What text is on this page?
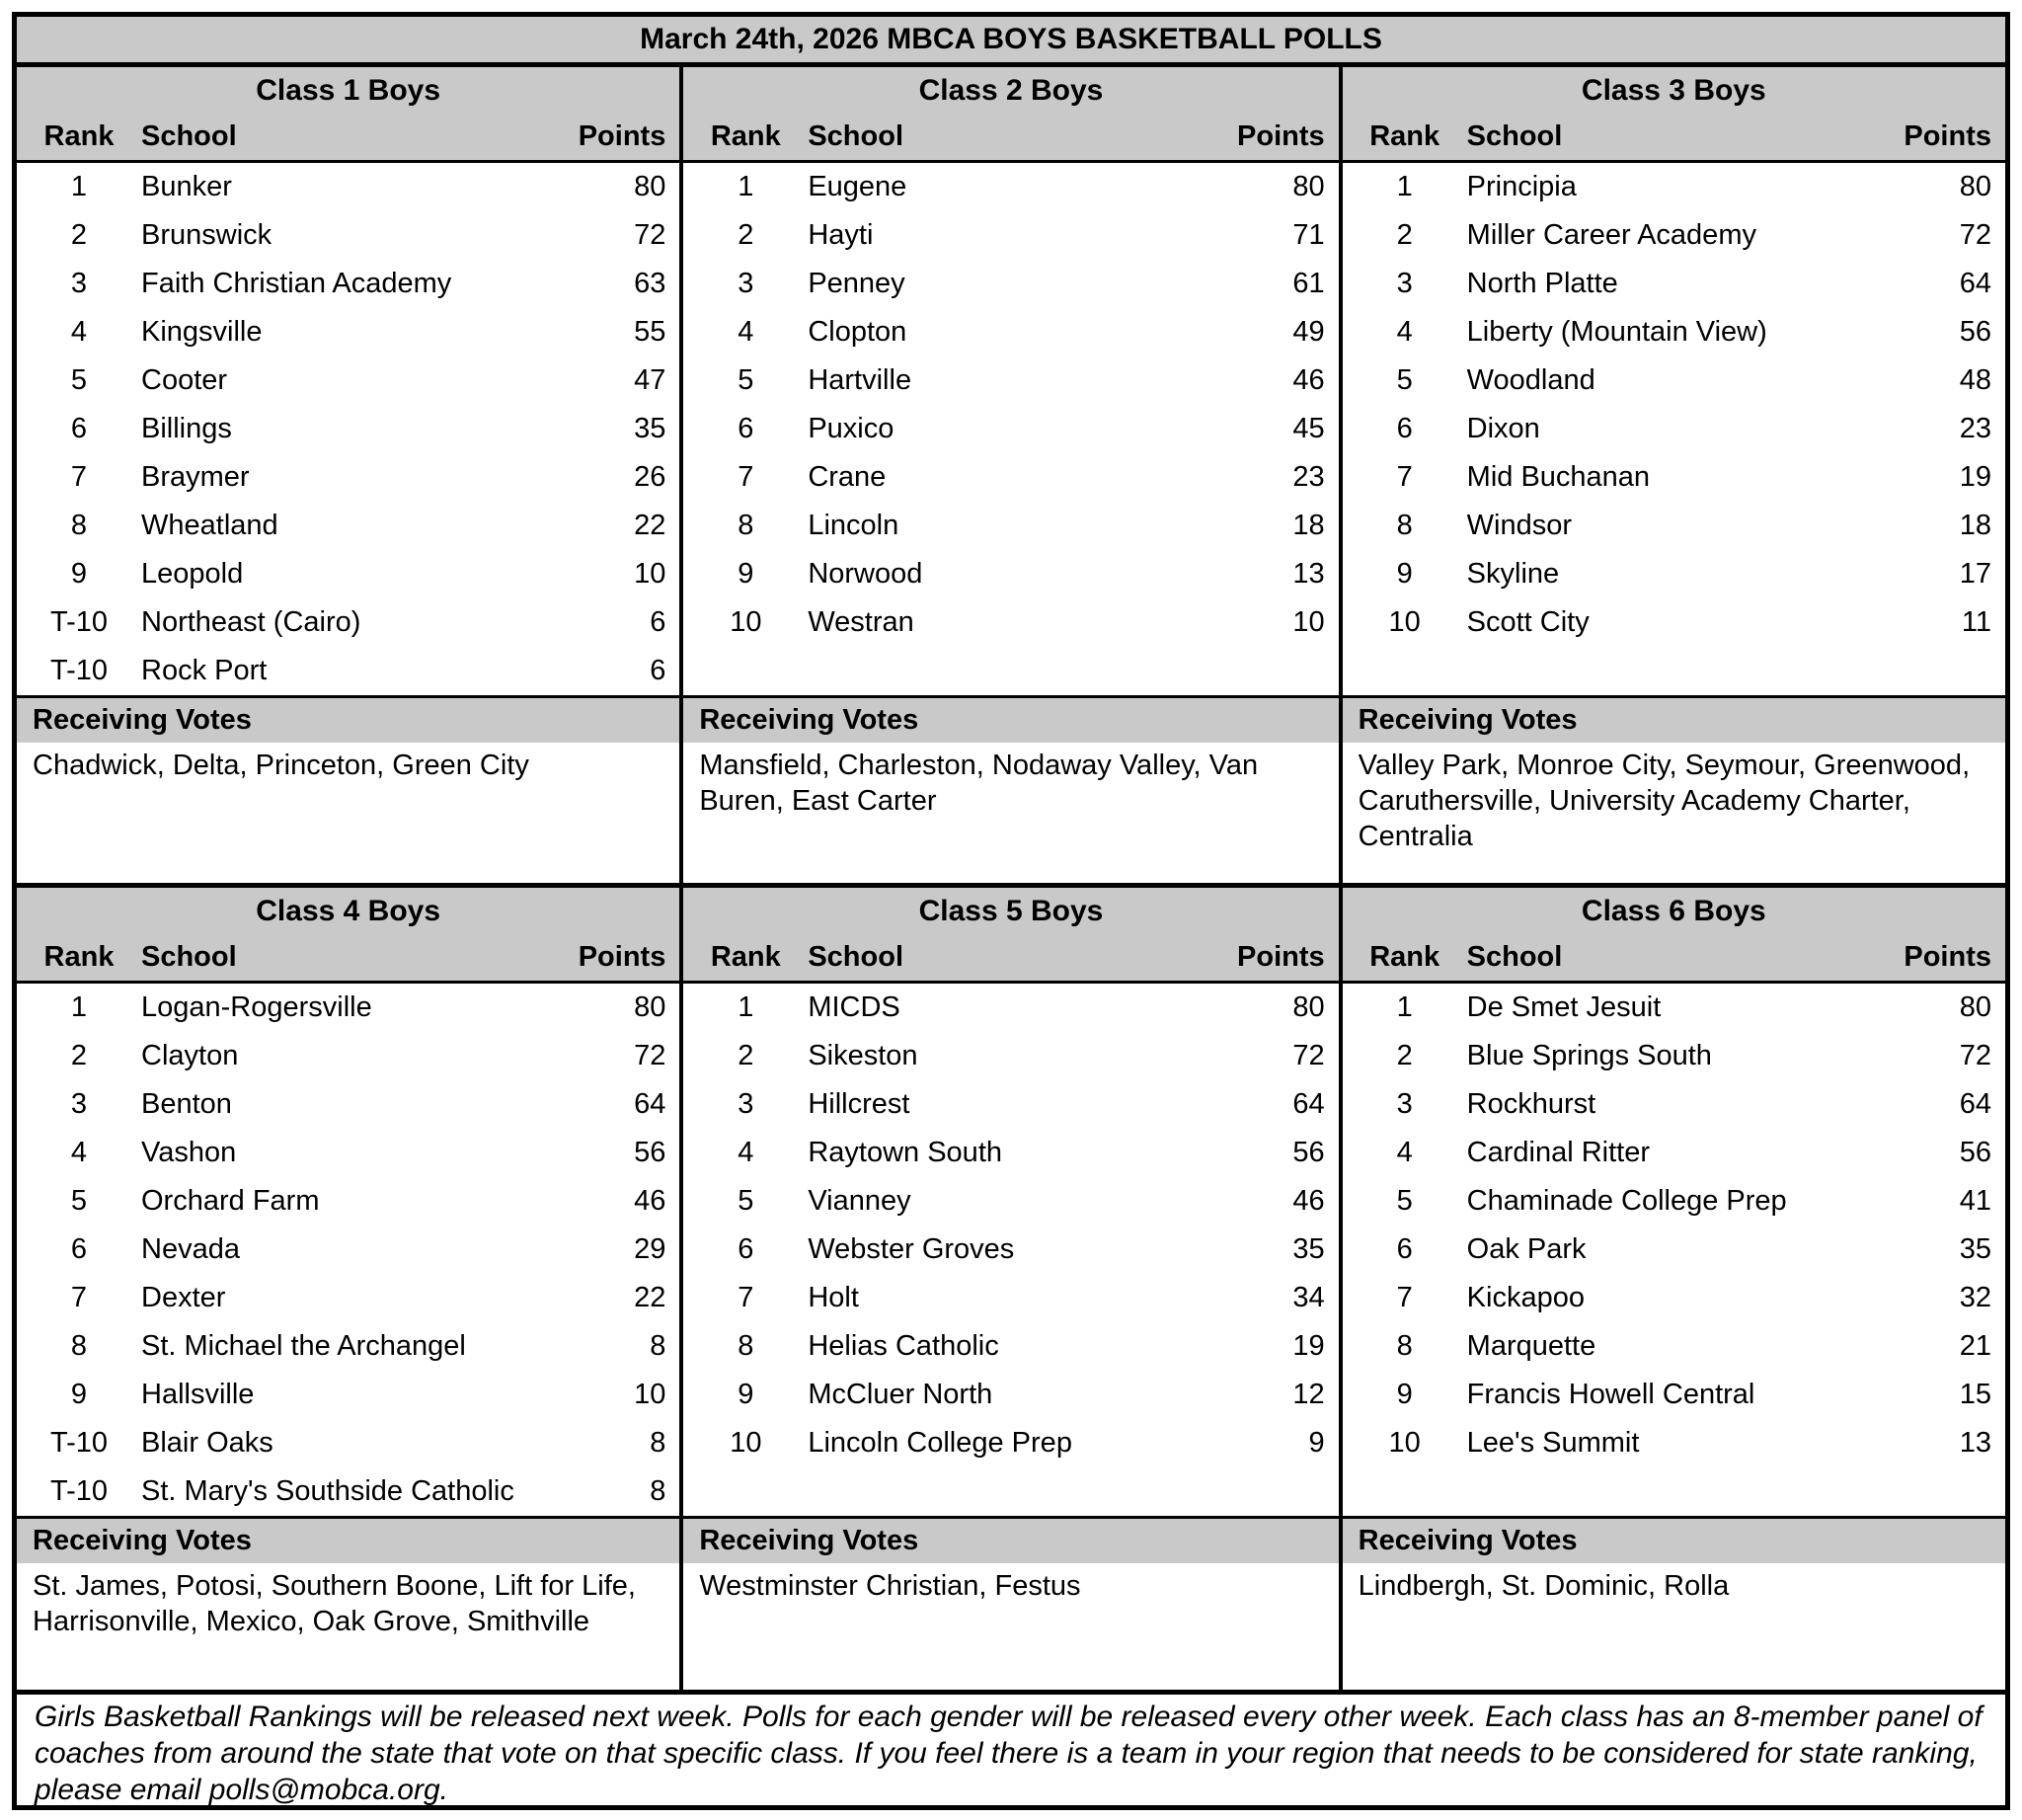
March 24th, 2026 MBCA BOYS BASKETBALL POLLS
Class 1 Boys
Rank School	Points
1	Bunker	80
2	Brunswick	72
3	Faith Christian Academy	63
4	Kingsville	55
5	Cooter	47
6	Billings	35
7	Braymer	26
8	Wheatland	22
9	Leopold	10
T-10	Northeast (Cairo)	6
T-10	Rock Port	6
Receiving Votes
Chadwick, Delta, Princeton, Green City
Class 2 Boys
Rank School	Points
1	Eugene	80
2	Hayti	71
3	Penney	61
4	Clopton	49
5	Hartville	46
6	Puxico	45
7	Crane	23
8	Lincoln	18
9	Norwood	13
10	Westran	10
Receiving Votes
Mansfield, Charleston, Nodaway Valley, Van Buren, East Carter
Class 3 Boys
Rank School	Points
1	Principia	80
2	Miller Career Academy	72
3	North Platte	64
4	Liberty (Mountain View)	56
5	Woodland	48
6	Dixon	23
7	Mid Buchanan	19
8	Windsor	18
9	Skyline	17
10	Scott City	11
Receiving Votes
Valley Park, Monroe City, Seymour, Greenwood, Caruthersville, University Academy Charter, Centralia
Class 4 Boys
Rank School	Points
1	Logan-Rogersville	80
2	Clayton	72
3	Benton	64
4	Vashon	56
5	Orchard Farm	46
6	Nevada	29
7	Dexter	22
8	St. Michael the Archangel	8
9	Hallsville	10
T-10	Blair Oaks	8
T-10	St. Mary's Southside Catholic	8
Receiving Votes
St. James, Potosi, Southern Boone, Lift for Life, Harrisonville, Mexico, Oak Grove, Smithville
Class 5 Boys
Rank School	Points
1	MICDS	80
2	Sikeston	72
3	Hillcrest	64
4	Raytown South	56
5	Vianney	46
6	Webster Groves	35
7	Holt	34
8	Helias Catholic	19
9	McCluer North	12
10	Lincoln College Prep	9
Receiving Votes
Westminster Christian, Festus
Class 6 Boys
Rank School	Points
1	De Smet Jesuit	80
2	Blue Springs South	72
3	Rockhurst	64
4	Cardinal Ritter	56
5	Chaminade College Prep	41
6	Oak Park	35
7	Kickapoo	32
8	Marquette	21
9	Francis Howell Central	15
10	Lee's Summit	13
Receiving Votes
Lindbergh, St. Dominic, Rolla
Girls Basketball Rankings will be released next week. Polls for each gender will be released every other week. Each class has an 8-member panel of coaches from around the state that vote on that specific class. If you feel there is a team in your region that needs to be considered for state ranking, please email polls@mobca.org.
